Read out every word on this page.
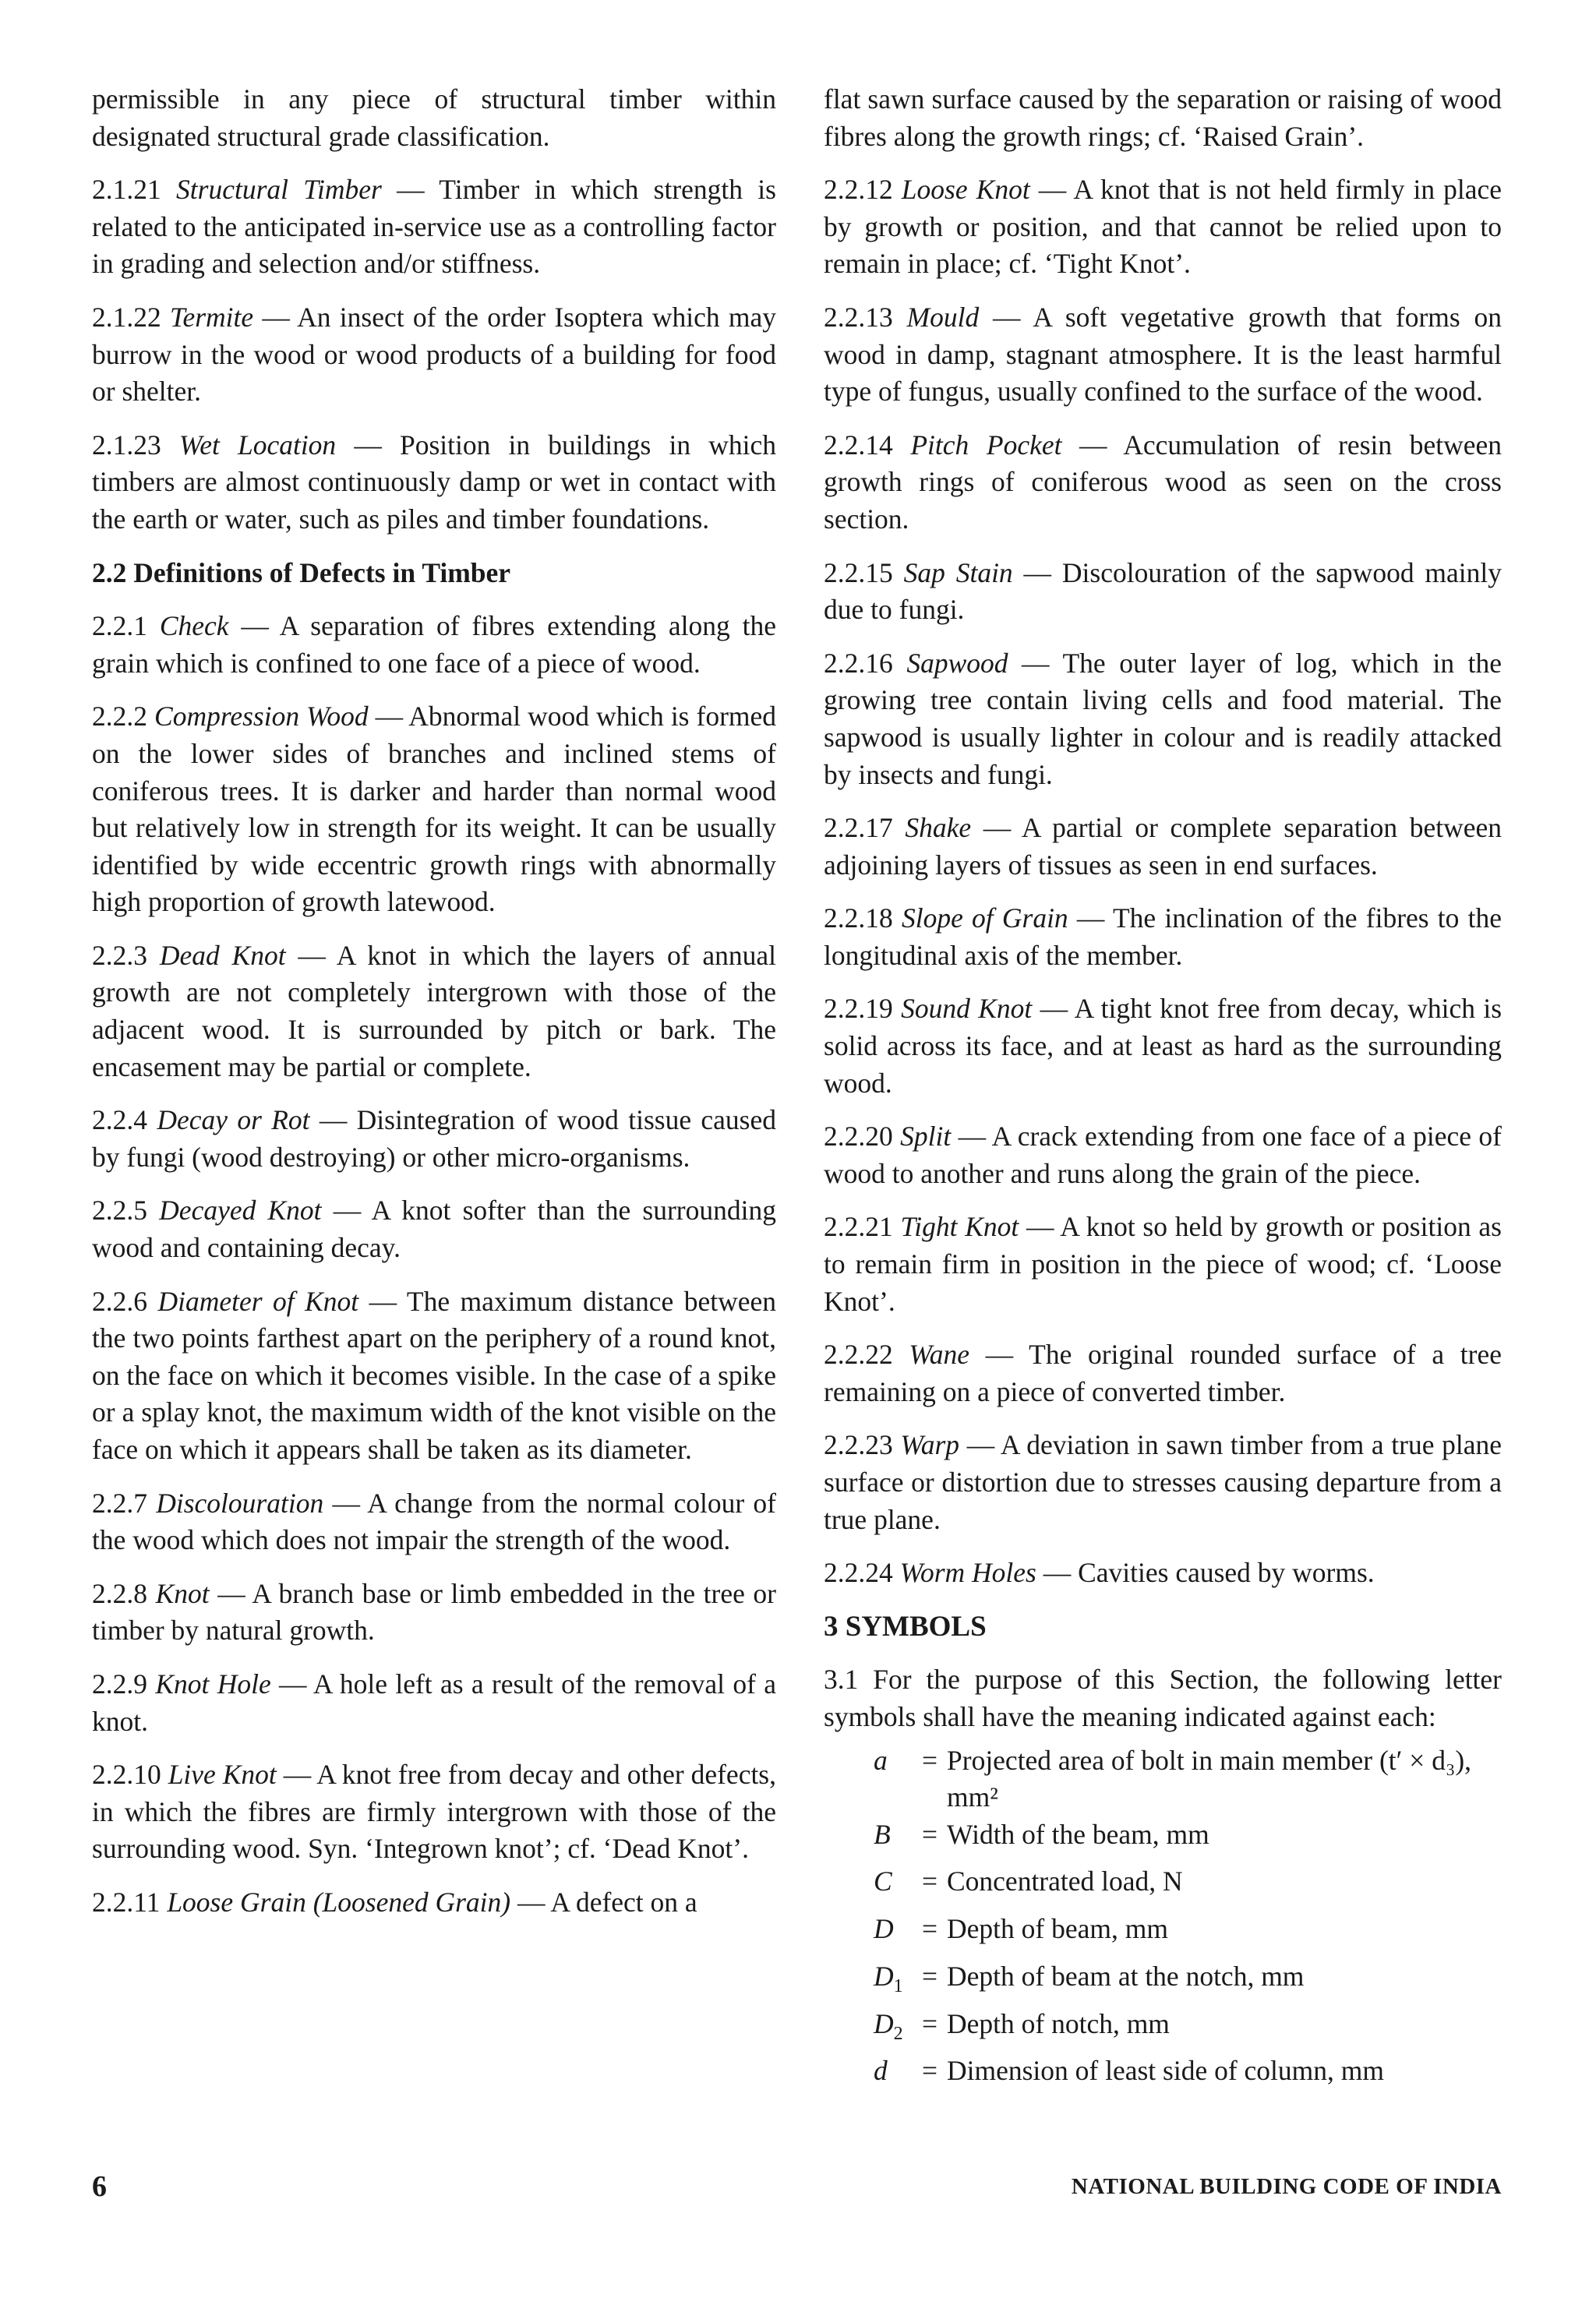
permissible in any piece of structural timber within designated structural grade classification.

2.1.21 Structural Timber — Timber in which strength is related to the anticipated in-service use as a controlling factor in grading and selection and/or stiffness.

2.1.22 Termite — An insect of the order Isoptera which may burrow in the wood or wood products of a building for food or shelter.

2.1.23 Wet Location — Position in buildings in which timbers are almost continuously damp or wet in contact with the earth or water, such as piles and timber foundations.

2.2 Definitions of Defects in Timber

2.2.1 Check — A separation of fibres extending along the grain which is confined to one face of a piece of wood.

2.2.2 Compression Wood — Abnormal wood which is formed on the lower sides of branches and inclined stems of coniferous trees. It is darker and harder than normal wood but relatively low in strength for its weight. It can be usually identified by wide eccentric growth rings with abnormally high proportion of growth latewood.

2.2.3 Dead Knot — A knot in which the layers of annual growth are not completely intergrown with those of the adjacent wood. It is surrounded by pitch or bark. The encasement may be partial or complete.

2.2.4 Decay or Rot — Disintegration of wood tissue caused by fungi (wood destroying) or other micro-organisms.

2.2.5 Decayed Knot — A knot softer than the surrounding wood and containing decay.

2.2.6 Diameter of Knot — The maximum distance between the two points farthest apart on the periphery of a round knot, on the face on which it becomes visible. In the case of a spike or a splay knot, the maximum width of the knot visible on the face on which it appears shall be taken as its diameter.

2.2.7 Discolouration — A change from the normal colour of the wood which does not impair the strength of the wood.

2.2.8 Knot — A branch base or limb embedded in the tree or timber by natural growth.

2.2.9 Knot Hole — A hole left as a result of the removal of a knot.

2.2.10 Live Knot — A knot free from decay and other defects, in which the fibres are firmly intergrown with those of the surrounding wood. Syn. ‘Integrown knot’; cf. ‘Dead Knot’.

2.2.11 Loose Grain (Loosened Grain) — A defect on a

flat sawn surface caused by the separation or raising of wood fibres along the growth rings; cf. ‘Raised Grain’.

2.2.12 Loose Knot — A knot that is not held firmly in place by growth or position, and that cannot be relied upon to remain in place; cf. ‘Tight Knot’.

2.2.13 Mould — A soft vegetative growth that forms on wood in damp, stagnant atmosphere. It is the least harmful type of fungus, usually confined to the surface of the wood.

2.2.14 Pitch Pocket — Accumulation of resin between growth rings of coniferous wood as seen on the cross section.

2.2.15 Sap Stain — Discolouration of the sapwood mainly due to fungi.

2.2.16 Sapwood — The outer layer of log, which in the growing tree contain living cells and food material. The sapwood is usually lighter in colour and is readily attacked by insects and fungi.

2.2.17 Shake — A partial or complete separation between adjoining layers of tissues as seen in end surfaces.

2.2.18 Slope of Grain — The inclination of the fibres to the longitudinal axis of the member.

2.2.19 Sound Knot — A tight knot free from decay, which is solid across its face, and at least as hard as the surrounding wood.

2.2.20 Split — A crack extending from one face of a piece of wood to another and runs along the grain of the piece.

2.2.21 Tight Knot — A knot so held by growth or position as to remain firm in position in the piece of wood; cf. ‘Loose Knot’.

2.2.22 Wane — The original rounded surface of a tree remaining on a piece of converted timber.

2.2.23 Warp — A deviation in sawn timber from a true plane surface or distortion due to stresses causing departure from a true plane.

2.2.24 Worm Holes — Cavities caused by worms.

3 SYMBOLS

3.1 For the purpose of this Section, the following letter symbols shall have the meaning indicated against each:

a	=	Projected area of bolt in main member (t′ × d₃), mm²
B	=	Width of the beam, mm
C	=	Concentrated load, N
D	=	Depth of beam, mm
$D_1$	=	Depth of beam at the notch, mm
$D_2$	=	Depth of notch, mm
d	=	Dimension of least side of column, mm
6	NATIONAL BUILDING CODE OF INDIA
